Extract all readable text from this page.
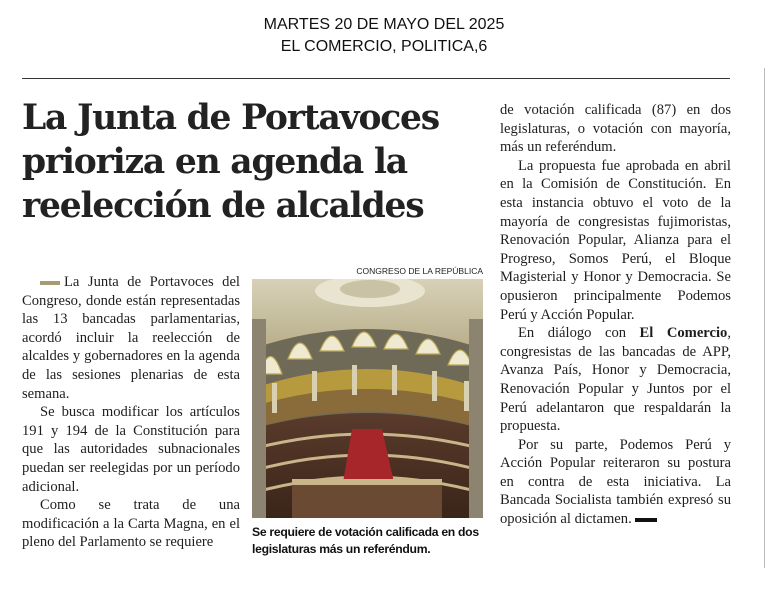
MARTES 20 DE MAYO DEL 2025
EL COMERCIO, POLITICA,6
La Junta de Portavoces prioriza en agenda la reelección de alcaldes

La Junta de Portavoces del Congreso, donde están representadas las 13 bancadas parlamentarias, acordó incluir la reelección de alcaldes y gobernadores en la agenda de las sesiones plenarias de esta semana.

Se busca modificar los artículos 191 y 194 de la Constitución para que las autoridades subnacionales puedan ser reelegidas por un período adicional.

Como se trata de una modificación a la Carta Magna, en el pleno del Parlamento se requiere

CONGRESO DE LA REPÚBLICA
Se requiere de votación calificada en dos legislaturas más un referéndum.

de votación calificada (87) en dos legislaturas, o votación con mayoría, más un referéndum.

La propuesta fue aprobada en abril en la Comisión de Constitución. En esta instancia obtuvo el voto de la mayoría de congresistas fujimoristas, Renovación Popular, Alianza para el Progreso, Somos Perú, el Bloque Magisterial y Honor y Democracia. Se opusieron principalmente Podemos Perú y Acción Popular.

En diálogo con El Comercio, congresistas de las bancadas de APP, Avanza País, Honor y Democracia, Renovación Popular y Juntos por el Perú adelantaron que respaldarán la propuesta.

Por su parte, Podemos Perú y Acción Popular reiteraron su postura en contra de esta iniciativa. La Bancada Socialista también expresó su oposición al dictamen.
